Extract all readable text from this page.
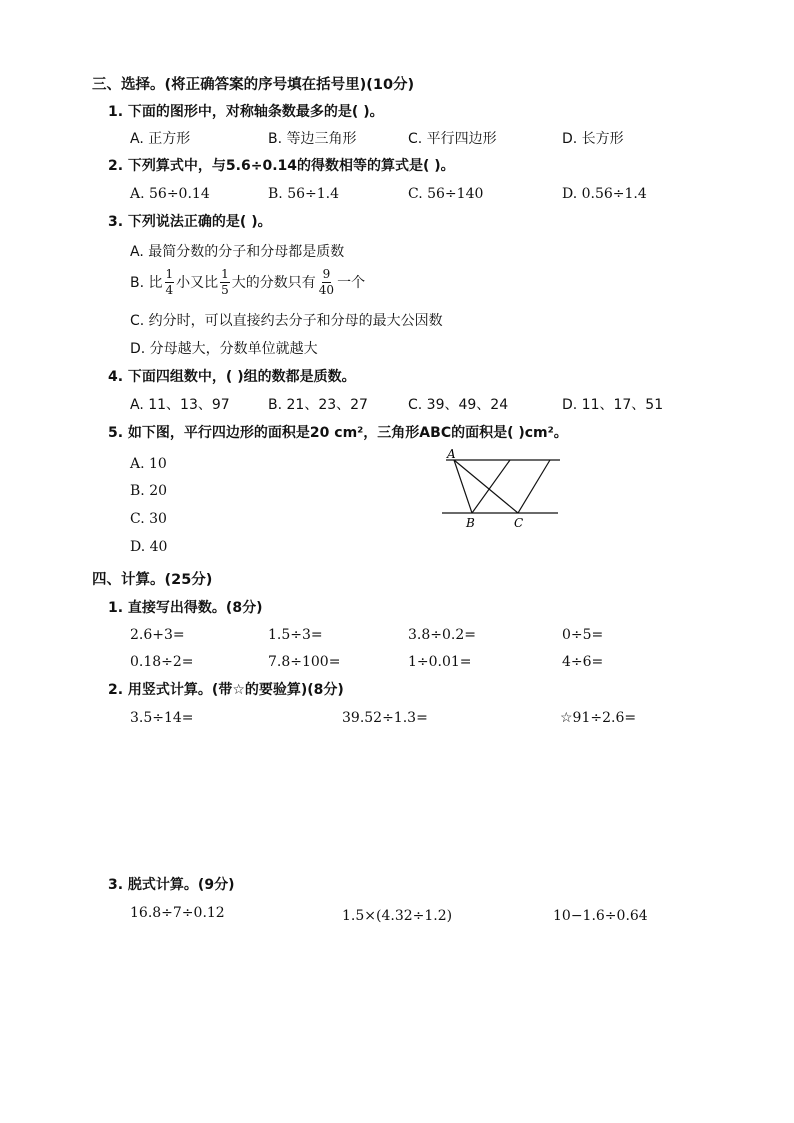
三、选择。(将正确答案的序号填在括号里)(10分)
1. 下面的图形中，对称轴条数最多的是( )。
A. 正方形	B. 等边三角形	C. 平行四边形	D. 长方形
2. 下列算式中，与5.6÷0.14的得数相等的算式是( )。
A. 56÷0.14	B. 56÷1.4	C. 56÷140	D. 0.56÷1.4
3. 下列说法正确的是( )。
A. 最简分数的分子和分母都是质数
B. 比 $\frac{1}{4}$ 小又比 $\frac{1}{5}$ 大的分数只有 $\frac{9}{40}$ 一个
C. 约分时，可以直接约去分子和分母的最大公因数
D. 分母越大，分数单位就越大
4. 下面四组数中，( )组的数都是质数。
A. 11、13、97	B. 21、23、27	C. 39、49、24	D. 11、17、51
5. 如下图，平行四边形的面积是20 cm²，三角形ABC的面积是( )cm²。
A. 10
B. 20
C. 30
D. 40
A
B	C
四、计算。(25分)
1. 直接写出得数。(8分)
2.6+3=	1.5÷3=	3.8÷0.2=	0÷5=
0.18÷2=	7.8÷100=	1÷0.01=	4÷6=
2. 用竖式计算。(带☆的要验算)(8分)
3.5÷14=	39.52÷1.3=	☆91÷2.6=
3. 脱式计算。(9分)
16.8÷7÷0.12	1.5×(4.32÷1.2)	10−1.6÷0.64
